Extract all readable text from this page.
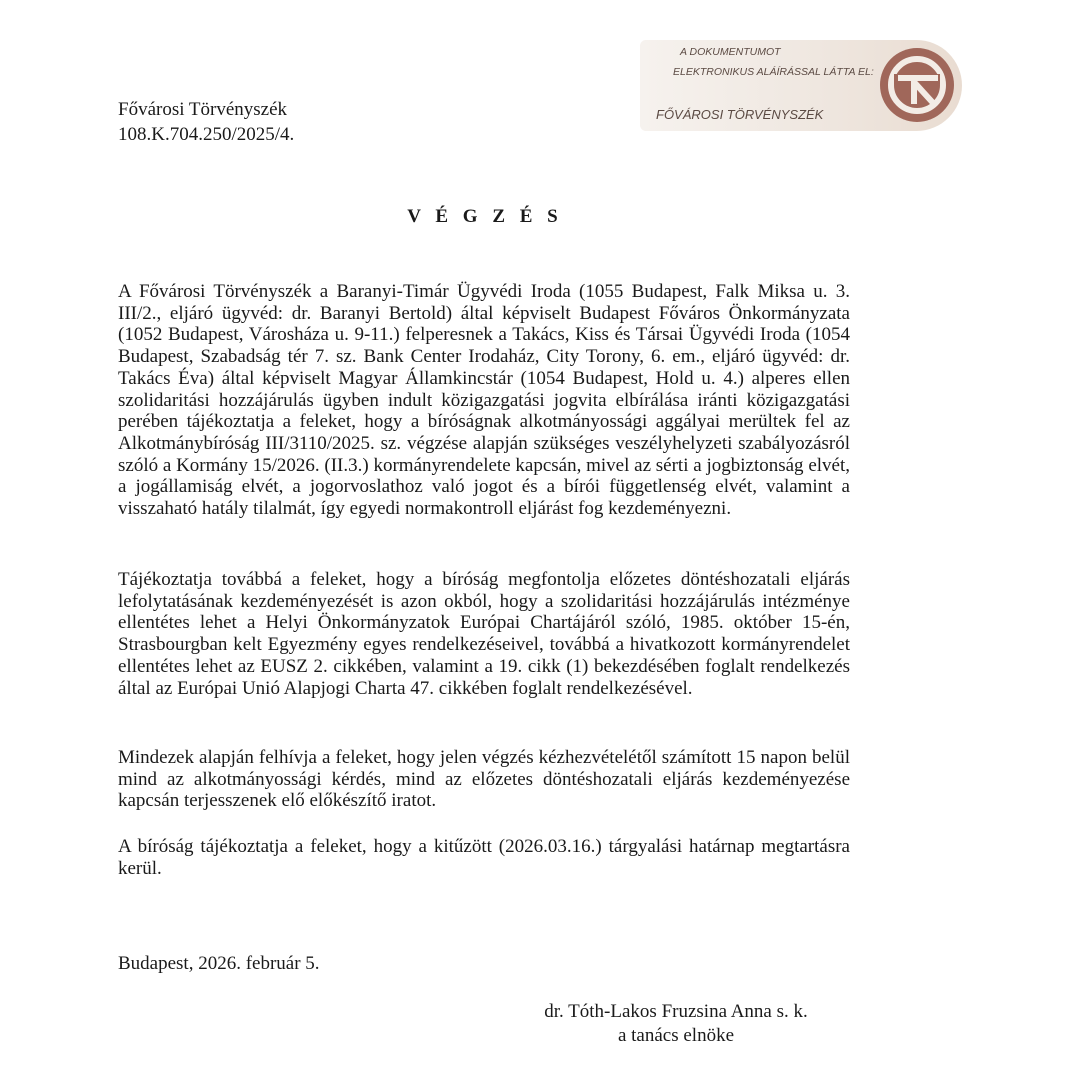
Fővárosi Törvényszék
108.K.704.250/2025/4.
A DOKUMENTUMOT
ELEKTRONIKUS ALÁÍRÁSSAL LÁTTA EL:
FŐVÁROSI TÖRVÉNYSZÉK
V É G Z É S
A Fővárosi Törvényszék a Baranyi-Timár Ügyvédi Iroda (1055 Budapest, Falk Miksa u. 3. III/2., eljáró ügyvéd: dr. Baranyi Bertold) által képviselt Budapest Főváros Önkormányzata (1052 Budapest, Városháza u. 9-11.) felperesnek a Takács, Kiss és Társai Ügyvédi Iroda (1054 Budapest, Szabadság tér 7. sz. Bank Center Irodaház, City Torony, 6. em., eljáró ügyvéd: dr. Takács Éva) által képviselt Magyar Államkincstár (1054 Budapest, Hold u. 4.) alperes ellen szolidaritási hozzájárulás ügyben indult közigazgatási jogvita elbírálása iránti közigazgatási perében tájékoztatja a feleket, hogy a bíróságnak alkotmányossági aggályai merültek fel az Alkotmánybíróság III/3110/2025. sz. végzése alapján szükséges veszélyhelyzeti szabályozásról szóló a Kormány 15/2026. (II.3.) kormányrendelete kapcsán, mivel az sérti a jogbiztonság elvét, a jogállamiság elvét, a jogorvoslathoz való jogot és a bírói függetlenség elvét, valamint a visszaható hatály tilalmát, így egyedi normakontroll eljárást fog kezdeményezni.
Tájékoztatja továbbá a feleket, hogy a bíróság megfontolja előzetes döntéshozatali eljárás lefolytatásának kezdeményezését is azon okból, hogy a szolidaritási hozzájárulás intézménye ellentétes lehet a Helyi Önkormányzatok Európai Chartájáról szóló, 1985. október 15-én, Strasbourgban kelt Egyezmény egyes rendelkezéseivel, továbbá a hivatkozott kormányrendelet ellentétes lehet az EUSZ 2. cikkében, valamint a 19. cikk (1) bekezdésében foglalt rendelkezés által az Európai Unió Alapjogi Charta 47. cikkében foglalt rendelkezésével.
Mindezek alapján felhívja a feleket, hogy jelen végzés kézhezvételétől számított 15 napon belül mind az alkotmányossági kérdés, mind az előzetes döntéshozatali eljárás kezdeményezése kapcsán terjesszenek elő előkészítő iratot.
A bíróság tájékoztatja a feleket, hogy a kitűzött (2026.03.16.) tárgyalási határnap megtartásra kerül.
Budapest, 2026. február 5.
dr. Tóth-Lakos Fruzsina Anna s. k.
a tanács elnöke
